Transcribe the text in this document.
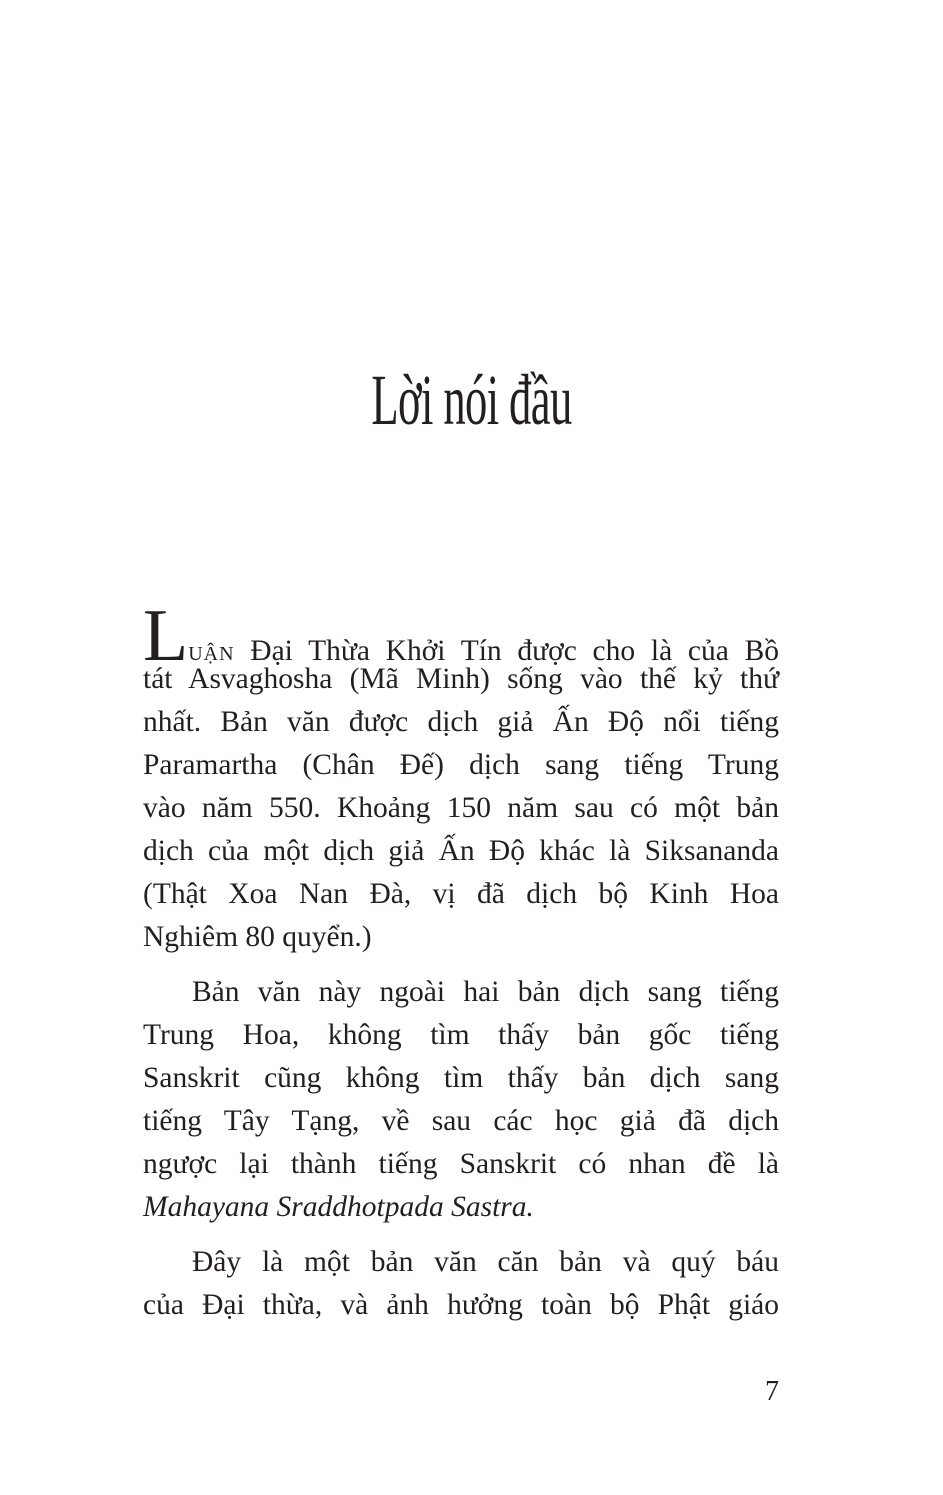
Lời nói đầu
LUẬN Đại Thừa Khởi Tín được cho là của Bồ
tát Asvaghosha (Mã Minh) sống vào thế kỷ thứ
nhất. Bản văn được dịch giả Ấn Độ nổi tiếng
Paramartha (Chân Đế) dịch sang tiếng Trung
vào năm 550. Khoảng 150 năm sau có một bản
dịch của một dịch giả Ấn Độ khác là Siksananda
(Thật Xoa Nan Đà, vị đã dịch bộ Kinh Hoa
Nghiêm 80 quyển.)
Bản văn này ngoài hai bản dịch sang tiếng
Trung Hoa, không tìm thấy bản gốc tiếng
Sanskrit cũng không tìm thấy bản dịch sang
tiếng Tây Tạng, về sau các học giả đã dịch
ngược lại thành tiếng Sanskrit có nhan đề là
Mahayana Sraddhotpada Sastra.
Đây là một bản văn căn bản và quý báu
của Đại thừa, và ảnh hưởng toàn bộ Phật giáo
7
